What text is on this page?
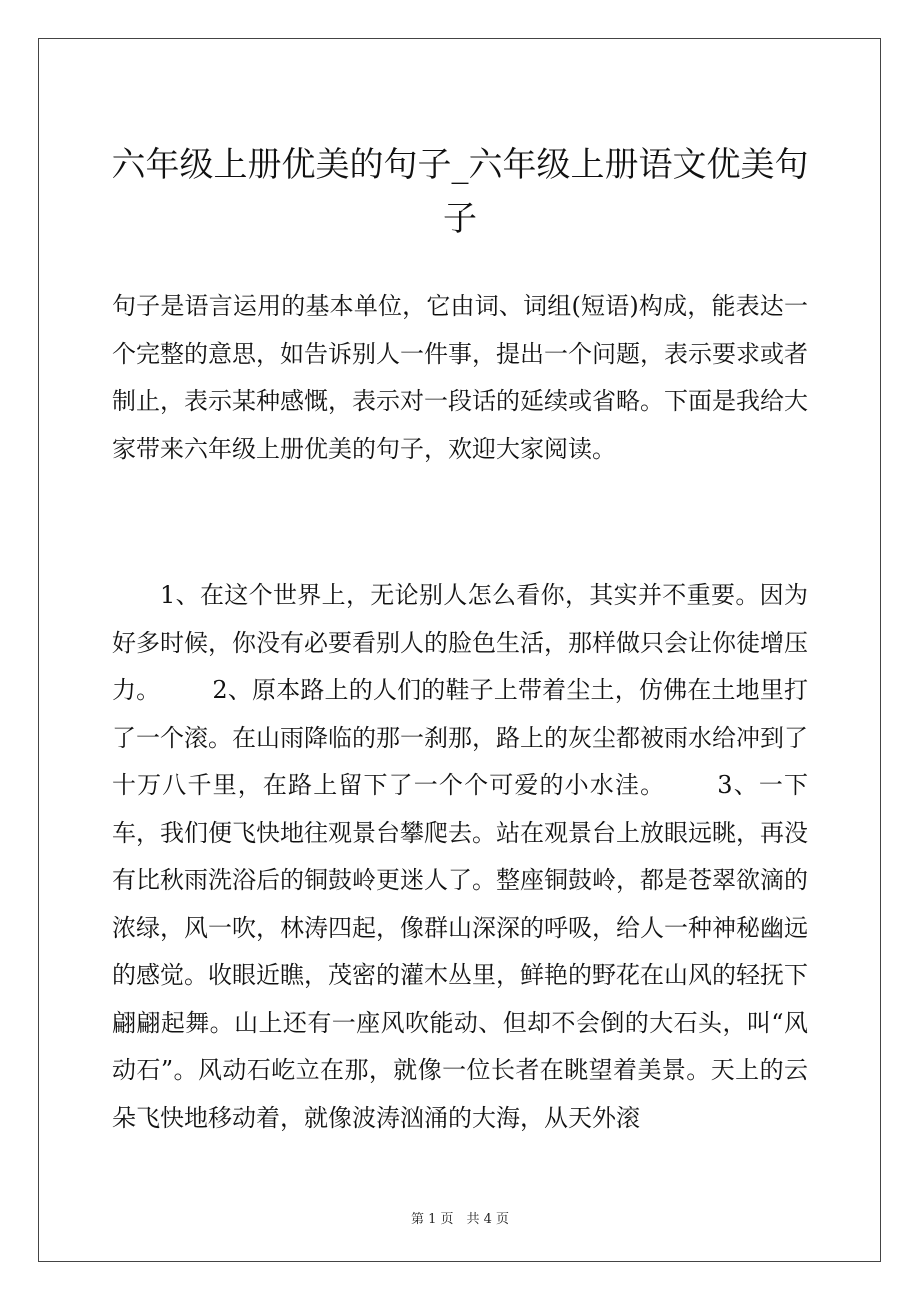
六年级上册优美的句子_六年级上册语文优美句子

句子是语言运用的基本单位，它由词、词组(短语)构成，能表达一个完整的意思，如告诉别人一件事，提出一个问题，表示要求或者制止，表示某种感慨，表示对一段话的延续或省略。下面是我给大家带来六年级上册优美的句子，欢迎大家阅读。

1、在这个世界上，无论别人怎么看你，其实并不重要。因为好多时候，你没有必要看别人的脸色生活，那样做只会让你徒增压力。 2、原本路上的人们的鞋子上带着尘土，仿佛在土地里打了一个滚。在山雨降临的那一刹那，路上的灰尘都被雨水给冲到了十万八千里，在路上留下了一个个可爱的小水洼。 3、一下车，我们便飞快地往观景台攀爬去。站在观景台上放眼远眺，再没有比秋雨洗浴后的铜鼓岭更迷人了。整座铜鼓岭，都是苍翠欲滴的浓绿，风一吹，林涛四起，像群山深深的呼吸，给人一种神秘幽远的感觉。收眼近瞧，茂密的灌木丛里，鲜艳的野花在山风的轻抚下翩翩起舞。山上还有一座风吹能动、但却不会倒的大石头，叫“风动石”。风动石屹立在那，就像一位长者在眺望着美景。天上的云朵飞快地移动着，就像波涛汹涌的大海，从天外滚

第 1 页　共 4 页
